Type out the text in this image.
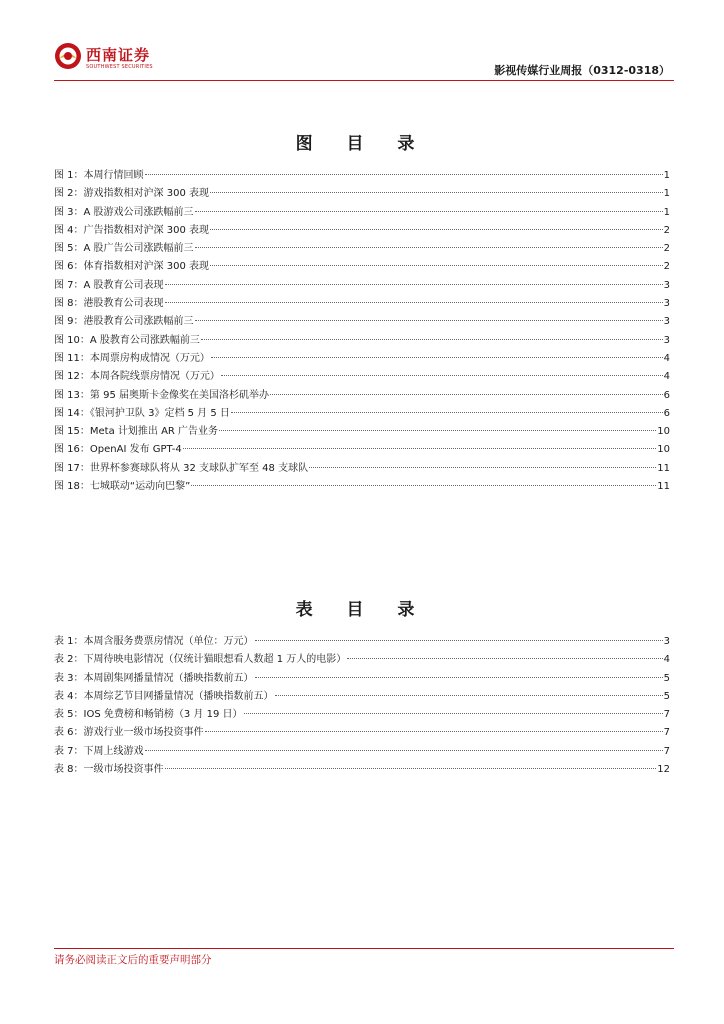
西南证券
SOUTHWEST SECURITIES	影视传媒行业周报（0312-0318）
图 目 录
图 1：本周行情回顾	1
图 2：游戏指数相对沪深 300 表现	1
图 3：A 股游戏公司涨跌幅前三	1
图 4：广告指数相对沪深 300 表现	2
图 5：A 股广告公司涨跌幅前三	2
图 6：体育指数相对沪深 300 表现	2
图 7：A 股教育公司表现	3
图 8：港股教育公司表现	3
图 9：港股教育公司涨跌幅前三	3
图 10：A 股教育公司涨跌幅前三	3
图 11：本周票房构成情况（万元）	4
图 12：本周各院线票房情况（万元）	4
图 13：第 95 届奥斯卡金像奖在美国洛杉矶举办	6
图 14：《银河护卫队 3》定档 5 月 5 日	6
图 15：Meta 计划推出 AR 广告业务	10
图 16：OpenAI 发布 GPT-4	10
图 17：世界杯参赛球队将从 32 支球队扩军至 48 支球队	11
图 18：七城联动“运动向巴黎”	11
表 目 录
表 1：本周含服务费票房情况（单位：万元）	3
表 2：下周待映电影情况（仅统计猫眼想看人数超 1 万人的电影）	4
表 3：本周剧集网播量情况（播映指数前五）	5
表 4：本周综艺节目网播量情况（播映指数前五）	5
表 5：IOS 免费榜和畅销榜（3 月 19 日）	7
表 6：游戏行业一级市场投资事件	7
表 7：下周上线游戏	7
表 8：一级市场投资事件	12
请务必阅读正文后的重要声明部分
